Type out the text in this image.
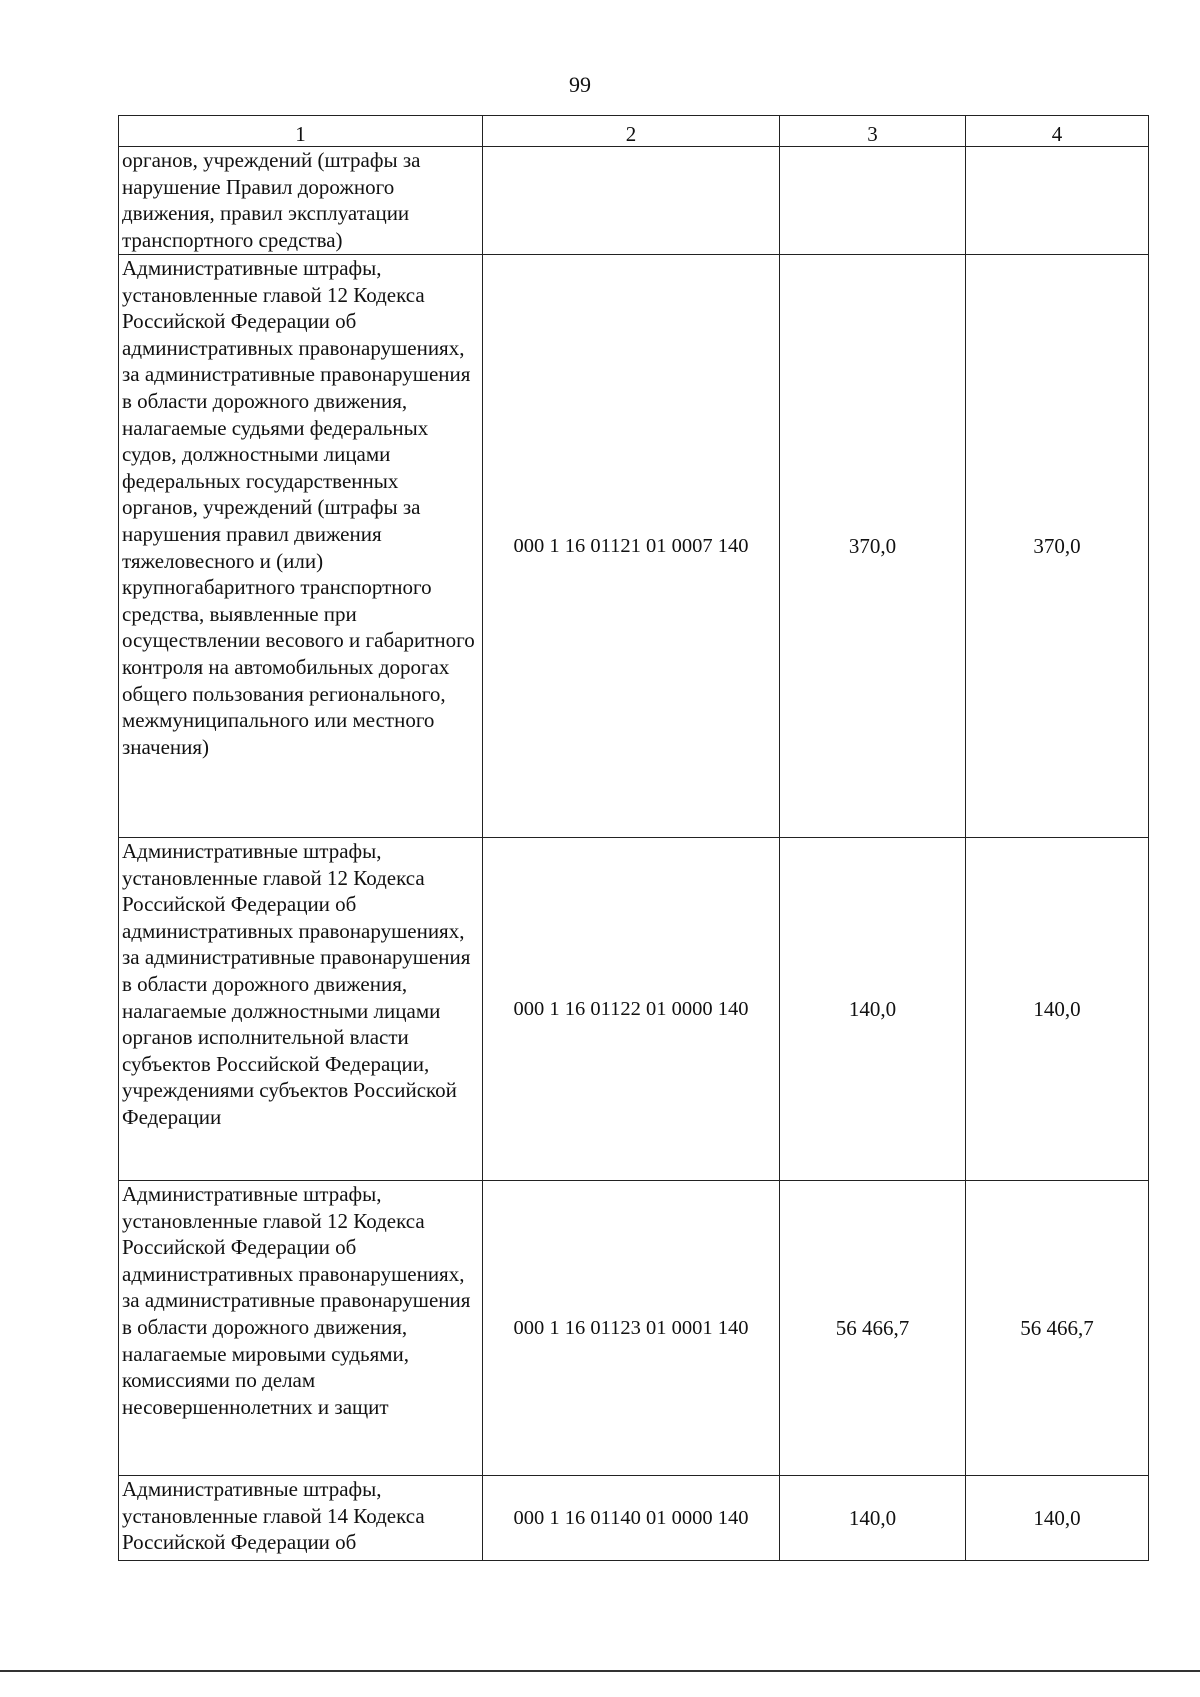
99
1	2	3	4
органов, учреждений (штрафы за нарушение Правил дорожного движения, правил эксплуатации транспортного средства)			
Административные штрафы, установленные главой 12 Кодекса Российской Федерации об административных правонарушениях, за административные правонарушения в области дорожного движения, налагаемые судьями федеральных судов, должностными лицами федеральных государственных органов, учреждений (штрафы за нарушения правил движения тяжеловесного и (или) крупногабаритного транспортного средства, выявленные при осуществлении весового и габаритного контроля на автомобильных дорогах общего пользования регионального, межмуниципального или местного значения)	000 1 16 01121 01 0007 140	370,0	370,0
Административные штрафы, установленные главой 12 Кодекса Российской Федерации об административных правонарушениях, за административные правонарушения в области дорожного движения, налагаемые должностными лицами органов исполнительной власти субъектов Российской Федерации, учреждениями субъектов Российской Федерации	000 1 16 01122 01 0000 140	140,0	140,0
Административные штрафы, установленные главой 12 Кодекса Российской Федерации об административных правонарушениях, за административные правонарушения в области дорожного движения, налагаемые мировыми судьями, комиссиями по делам несовершеннолетних и защит	000 1 16 01123 01 0001 140	56 466,7	56 466,7
Административные штрафы, установленные главой 14 Кодекса Российской Федерации об	000 1 16 01140 01 0000 140	140,0	140,0
